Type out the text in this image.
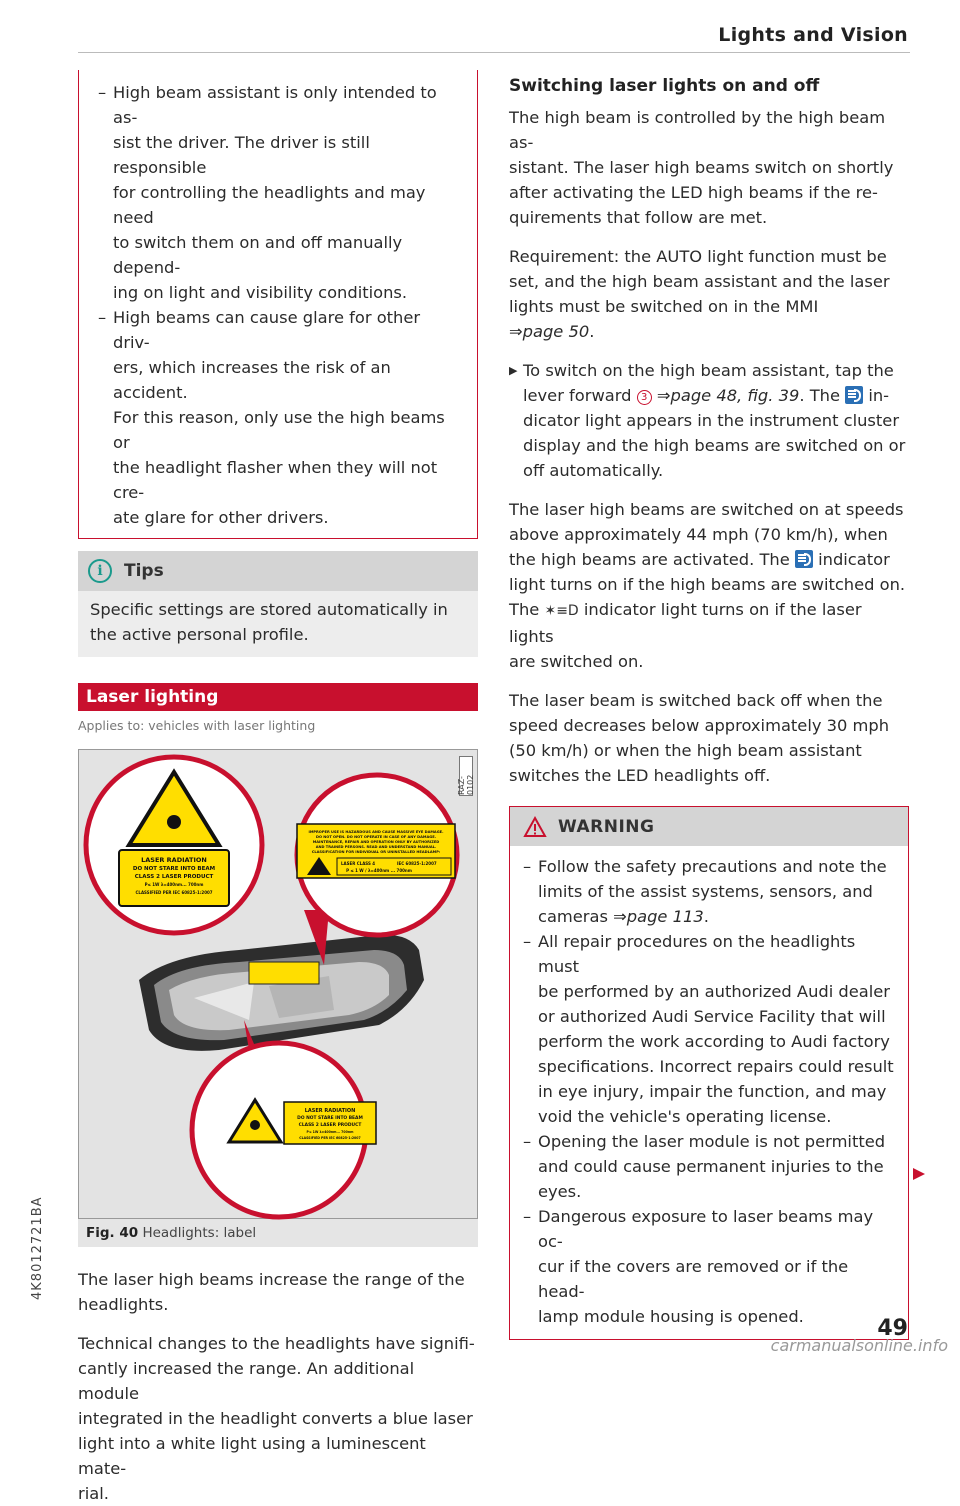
Lights and Vision
– High beam assistant is only intended to as-
sist the driver. The driver is still responsible
for controlling the headlights and may need
to switch them on and off manually depend-
ing on light and visibility conditions.
– High beams can cause glare for other driv-
ers, which increases the risk of an accident.
For this reason, only use the high beams or
the headlight flasher when they will not cre-
ate glare for other drivers.
i	Tips
Specific settings are stored automatically in the active personal profile.
Laser lighting
Applies to: vehicles with laser lighting
LASER RADIATION
DO NOT STARE INTO BEAM
CLASS 2 LASER PRODUCT
P≤ 1W λ=400nm... 700nm
CLASSIFIED PER IEC 60825-1:2007
IMPROPER USE IS HAZARDOUS AND CAUSE MASSIVE EYE DAMAGE.
DO NOT OPEN. DO NOT OPERATE IN CASE OF ANY DAMAGE.
MAINTENANCE, REPAIR AND OPERATION ONLY BY AUTHORIZED
AND TRAINED PERSONS. READ AND UNDERSTAND MANUAL.
CLASSIFICATION FOR INDIVIDUAL OR UNINSTALLED HEADLAMP:
LASER CLASS 4	IEC 60825-1:2007
P ≤ 1 W / λ=400nm ... 700nm
LASER RADIATION
DO NOT STARE INTO BEAM
CLASS 2 LASER PRODUCT
P≤ 1W λ=400nm... 700nm
CLASSIFIED PER IEC 60825-1:2007
RAZ-0102
Fig. 40 Headlights: label
The laser high beams increase the range of the headlights.
Technical changes to the headlights have signifi-
cantly increased the range. An additional module
integrated in the headlight converts a blue laser
light into a white light using a luminescent mate-
rial.
Switching laser lights on and off
The high beam is controlled by the high beam as-
sistant. The laser high beams switch on shortly
after activating the LED high beams if the re-
quirements that follow are met.
Requirement: the AUTO light function must be
set, and the high beam assistant and the laser
lights must be switched on in the MMI
⇒page 50.
▶ To switch on the high beam assistant, tap the
lever forward 3 ⇒page 48, fig. 39. The  in-
dicator light appears in the instrument cluster
display and the high beams are switched on or
off automatically.
The laser high beams are switched on at speeds
above approximately 44 mph (70 km/h), when
the high beams are activated. The  indicator
light turns on if the high beams are switched on.
The ✶≡D indicator light turns on if the laser lights
are switched on.
The laser beam is switched back off when the
speed decreases below approximately 30 mph
(50 km/h) or when the high beam assistant
switches the LED headlights off.
WARNING
– Follow the safety precautions and note the
limits of the assist systems, sensors, and
cameras ⇒page 113.
– All repair procedures on the headlights must
be performed by an authorized Audi dealer
or authorized Audi Service Facility that will
perform the work according to Audi factory
specifications. Incorrect repairs could result
in eye injury, impair the function, and may
void the vehicle's operating license.
– Opening the laser module is not permitted
and could cause permanent injuries to the
eyes.
– Dangerous exposure to laser beams may oc-
cur if the covers are removed or if the head-
lamp module housing is opened.
4K8012721BA
49
carmanualsonline.info
